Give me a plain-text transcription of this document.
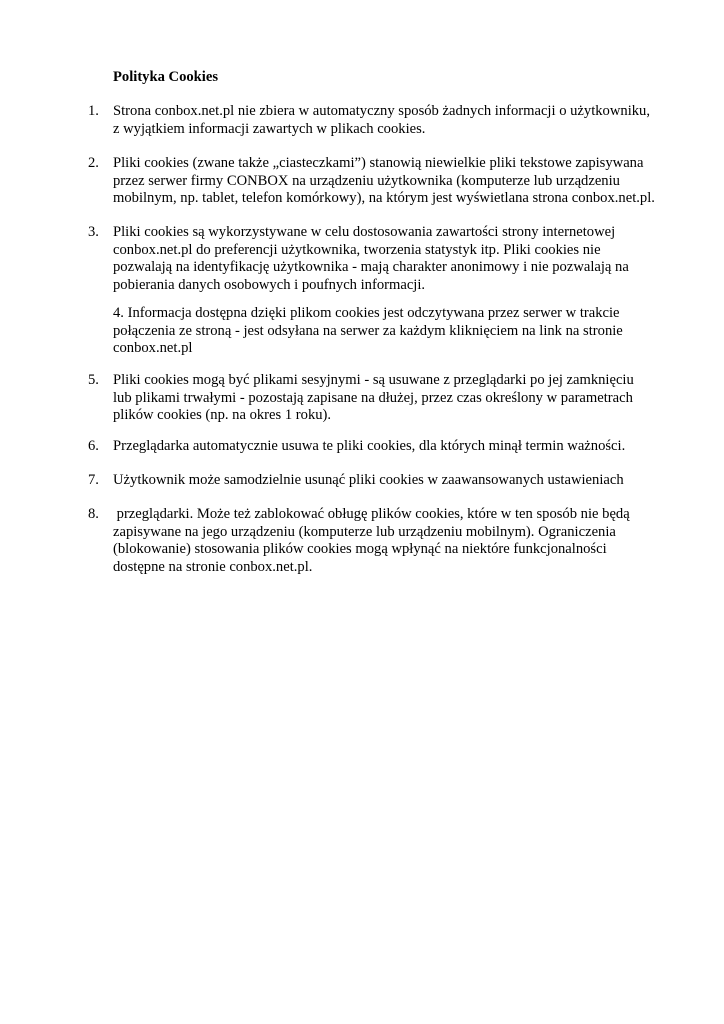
Polityka Cookies
1. Strona conbox.net.pl nie zbiera w automatyczny sposób żadnych informacji o użytkowniku,
z wyjątkiem informacji zawartych w plikach cookies.
2. Pliki cookies (zwane także „ciasteczkami”) stanowią niewielkie pliki tekstowe zapisywana
przez serwer firmy CONBOX na urządzeniu użytkownika (komputerze lub urządzeniu
mobilnym, np. tablet, telefon komórkowy), na którym jest wyświetlana strona conbox.net.pl.
3. Pliki cookies są wykorzystywane w celu dostosowania zawartości strony internetowej
conbox.net.pl do preferencji użytkownika, tworzenia statystyk itp. Pliki cookies nie
pozwalają na identyfikację użytkownika - mają charakter anonimowy i nie pozwalają na
pobierania danych osobowych i poufnych informacji.
4. Informacja dostępna dzięki plikom cookies jest odczytywana przez serwer w trakcie
połączenia ze stroną - jest odsyłana na serwer za każdym kliknięciem na link na stronie
conbox.net.pl
5. Pliki cookies mogą być plikami sesyjnymi - są usuwane z przeglądarki po jej zamknięciu
lub plikami trwałymi - pozostają zapisane na dłużej, przez czas określony w parametrach
plików cookies (np. na okres 1 roku).
6. Przeglądarka automatycznie usuwa te pliki cookies, dla których minął termin ważności.
7. Użytkownik może samodzielnie usunąć pliki cookies w zaawansowanych ustawieniach
8. przeglądarki. Może też zablokować obługę plików cookies, które w ten sposób nie będą
zapisywane na jego urządzeniu (komputerze lub urządzeniu mobilnym). Ograniczenia
(blokowanie) stosowania plików cookies mogą wpłynąć na niektóre funkcjonalności
dostępne na stronie conbox.net.pl.
